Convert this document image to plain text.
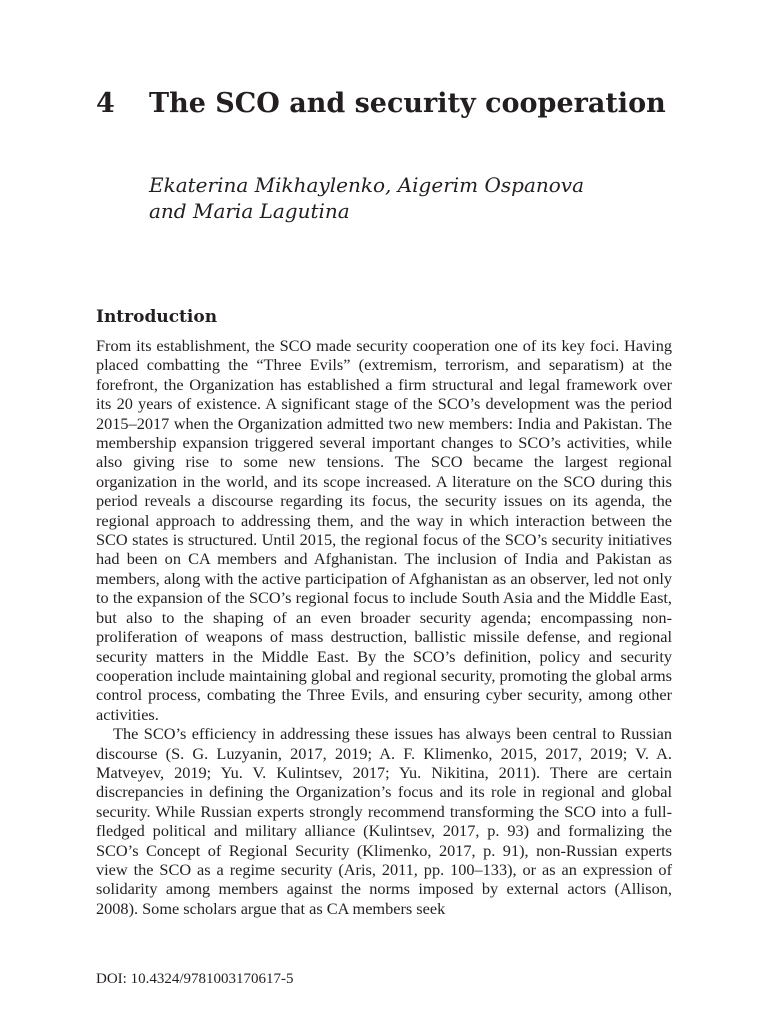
4	The SCO and security cooperation
Ekaterina Mikhaylenko, Aigerim Ospanova
and Maria Lagutina
Introduction

From its establishment, the SCO made security cooperation one of its key foci. Having placed combatting the “Three Evils” (extremism, terrorism, and separatism) at the forefront, the Organization has established a firm structural and legal framework over its 20 years of existence. A significant stage of the SCO’s development was the period 2015–2017 when the Organization admitted two new members: India and Pakistan. The membership expansion triggered several important changes to SCO’s activities, while also giving rise to some new tensions. The SCO became the largest regional organization in the world, and its scope increased. A literature on the SCO during this period reveals a discourse regarding its focus, the security issues on its agenda, the regional approach to addressing them, and the way in which interaction between the SCO states is structured. Until 2015, the regional focus of the SCO’s security initiatives had been on CA members and Afghanistan. The inclusion of India and Pakistan as members, along with the active participation of Afghanistan as an observer, led not only to the expansion of the SCO’s regional focus to include South Asia and the Middle East, but also to the shaping of an even broader security agenda; encompassing non-proliferation of weapons of mass destruction, ballistic missile defense, and regional security matters in the Middle East. By the SCO’s definition, policy and security cooperation include maintaining global and regional security, promoting the global arms control process, combating the Three Evils, and ensuring cyber security, among other activities.

The SCO’s efficiency in addressing these issues has always been central to Russian discourse (S. G. Luzyanin, 2017, 2019; A. F. Klimenko, 2015, 2017, 2019; V. A. Matveyev, 2019; Yu. V. Kulintsev, 2017; Yu. Nikitina, 2011). There are certain discrepancies in defining the Organization’s focus and its role in regional and global security. While Russian experts strongly recommend transforming the SCO into a full-fledged political and military alliance (Kulintsev, 2017, p. 93) and formalizing the SCO’s Concept of Regional Security (Klimenko, 2017, p. 91), non-Russian experts view the SCO as a regime security (Aris, 2011, pp. 100–133), or as an expression of solidarity among members against the norms imposed by external actors (Allison, 2008). Some scholars argue that as CA members seek

DOI: 10.4324/9781003170617-5
